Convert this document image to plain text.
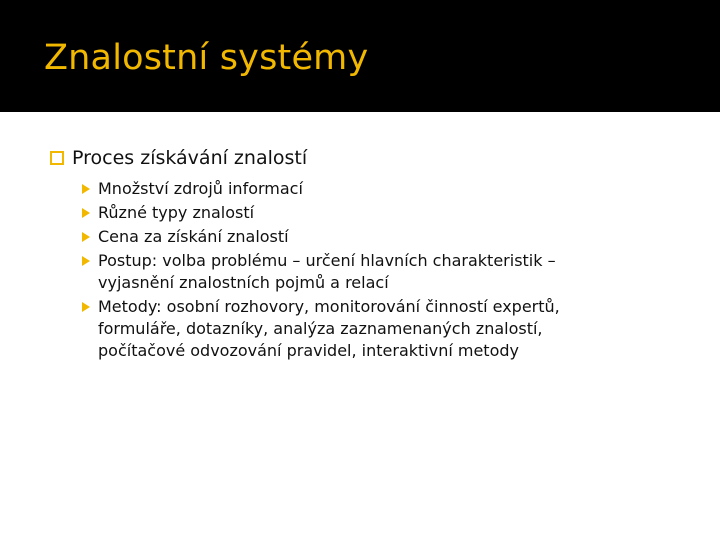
Znalostní systémy
Proces získávání znalostí
Množství zdrojů informací
Různé typy znalostí
Cena za získání znalostí
Postup: volba problému – určení hlavních charakteristik –
vyjasnění znalostních pojmů a relací
Metody: osobní rozhovory, monitorování činností expertů,
formuláře, dotazníky, analýza zaznamenaných znalostí,
počítačové odvozování pravidel, interaktivní metody
